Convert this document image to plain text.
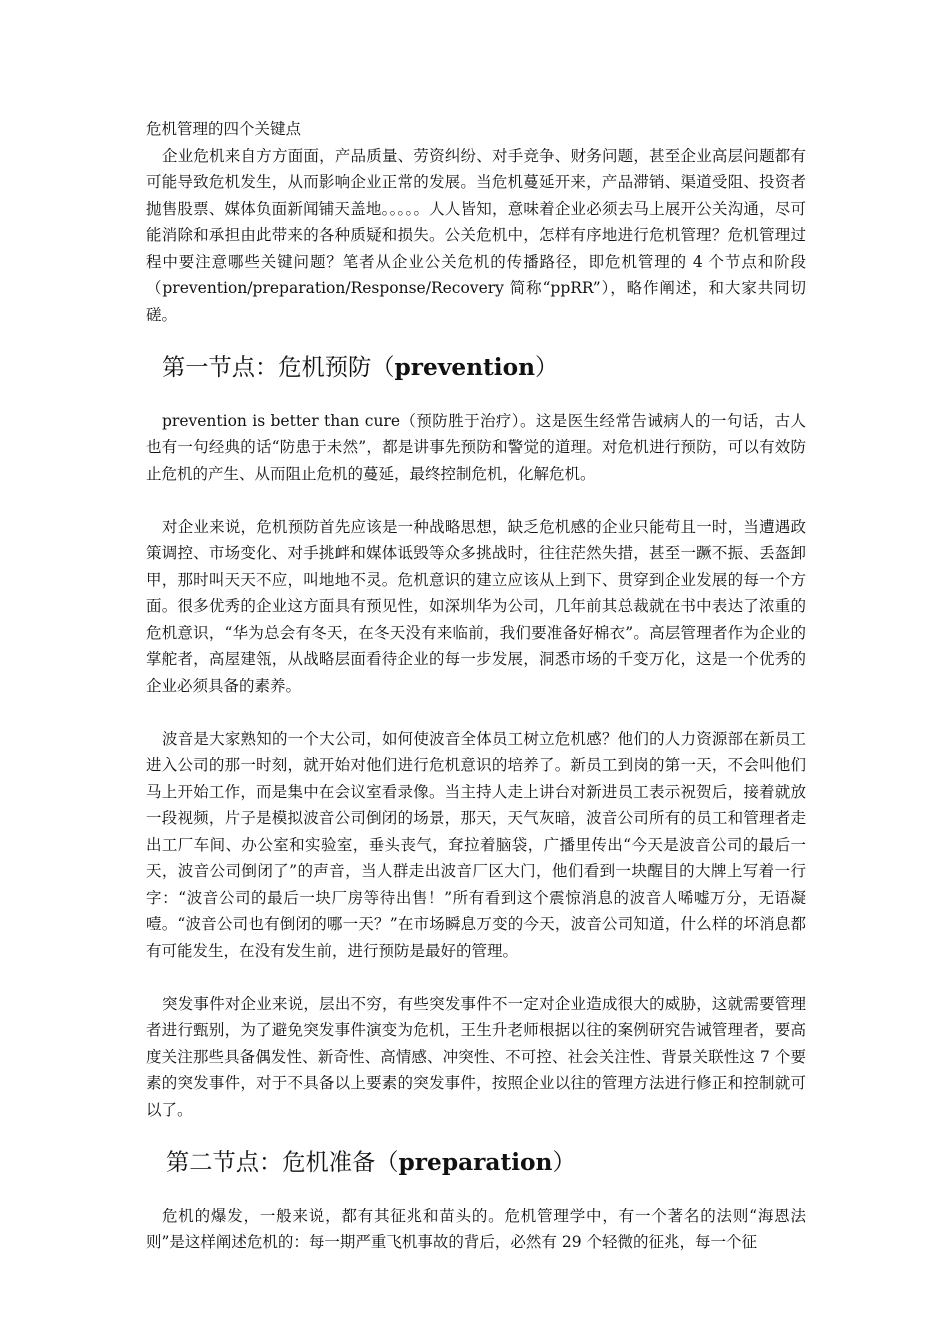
危机管理的四个关键点

企业危机来自方方面面，产品质量、劳资纠纷、对手竞争、财务问题，甚至企业高层问题都有可能导致危机发生，从而影响企业正常的发展。当危机蔓延开来，产品滞销、渠道受阻、投资者抛售股票、媒体负面新闻铺天盖地。。。。。人人皆知，意味着企业必须去马上展开公关沟通，尽可能消除和承担由此带来的各种质疑和损失。公关危机中，怎样有序地进行危机管理？危机管理过程中要注意哪些关键问题？笔者从企业公关危机的传播路径，即危机管理的 4 个节点和阶段（prevention/preparation/Response/Recovery 简称“ppRR”），略作阐述，和大家共同切磋。

第一节点：危机预防（prevention）

prevention is better than cure（预防胜于治疗）。这是医生经常告诫病人的一句话，古人也有一句经典的话“防患于未然”，都是讲事先预防和警觉的道理。对危机进行预防，可以有效防止危机的产生、从而阻止危机的蔓延，最终控制危机，化解危机。

对企业来说，危机预防首先应该是一种战略思想，缺乏危机感的企业只能苟且一时，当遭遇政策调控、市场变化、对手挑衅和媒体诋毁等众多挑战时，往往茫然失措，甚至一蹶不振、丢盔卸甲，那时叫天天不应，叫地地不灵。危机意识的建立应该从上到下、贯穿到企业发展的每一个方面。很多优秀的企业这方面具有预见性，如深圳华为公司，几年前其总裁就在书中表达了浓重的危机意识，“华为总会有冬天，在冬天没有来临前，我们要准备好棉衣”。高层管理者作为企业的掌舵者，高屋建瓴，从战略层面看待企业的每一步发展，洞悉市场的千变万化，这是一个优秀的企业必须具备的素养。

波音是大家熟知的一个大公司，如何使波音全体员工树立危机感？他们的人力资源部在新员工进入公司的那一时刻，就开始对他们进行危机意识的培养了。新员工到岗的第一天，不会叫他们马上开始工作，而是集中在会议室看录像。当主持人走上讲台对新进员工表示祝贺后，接着就放一段视频，片子是模拟波音公司倒闭的场景，那天，天气灰暗，波音公司所有的员工和管理者走出工厂车间、办公室和实验室，垂头丧气，耷拉着脑袋，广播里传出“今天是波音公司的最后一天，波音公司倒闭了”的声音，当人群走出波音厂区大门，他们看到一块醒目的大牌上写着一行字：“波音公司的最后一块厂房等待出售！”所有看到这个震惊消息的波音人唏嘘万分，无语凝噎。“波音公司也有倒闭的哪一天？”在市场瞬息万变的今天，波音公司知道，什么样的坏消息都有可能发生，在没有发生前，进行预防是最好的管理。

突发事件对企业来说，层出不穷，有些突发事件不一定对企业造成很大的威胁，这就需要管理者进行甄别，为了避免突发事件演变为危机，王生升老师根据以往的案例研究告诫管理者，要高度关注那些具备偶发性、新奇性、高情感、冲突性、不可控、社会关注性、背景关联性这 7 个要素的突发事件，对于不具备以上要素的突发事件，按照企业以往的管理方法进行修正和控制就可以了。

第二节点：危机准备（preparation）

危机的爆发，一般来说，都有其征兆和苗头的。危机管理学中，有一个著名的法则“海恩法则”是这样阐述危机的：每一期严重飞机事故的背后，必然有 29 个轻微的征兆，每一个征
